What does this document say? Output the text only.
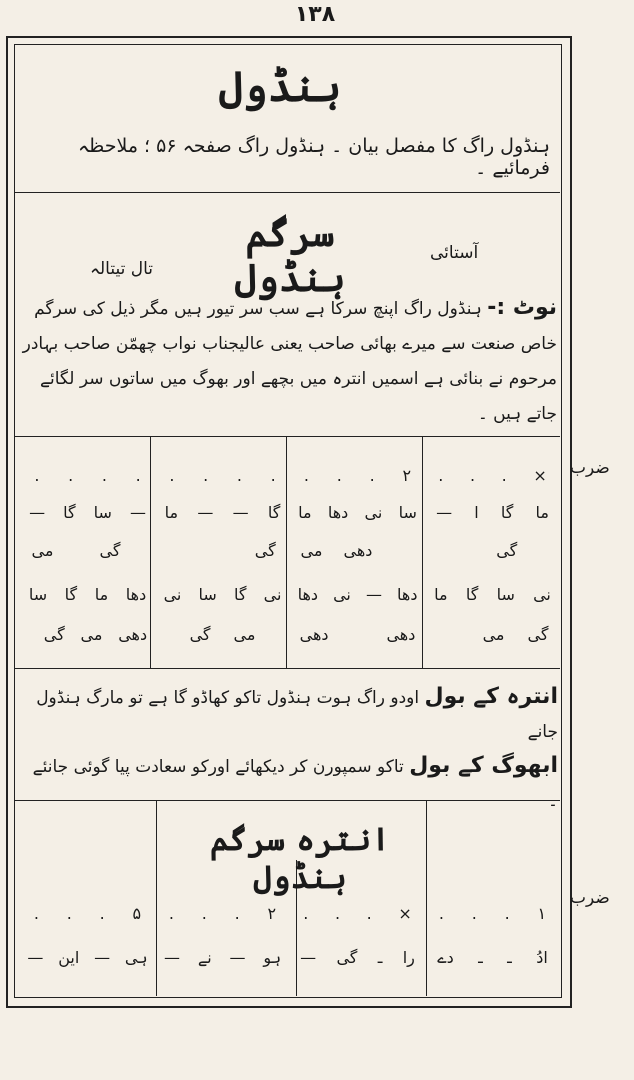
۱۳۸
ہنڈول
ہنڈول راگ کا مفصل بیان ۔ ہنڈول راگ صفحہ ۵۶ ؛ ملاحظہ فرمائیے ۔
سرگم ہنڈول
آستائی
تال تیتالہ
نوٹ :- ہنڈول راگ اپنچ سرکا ہے سب سر تیور ہیں مگر ذیل کی سرگم خاص صنعت سے میرے بھائی صاحب یعنی عالیجناب نواب چھمّن صاحب بہادر مرحوم نے بنائی ہے اسمیں انترہ میں بچھے اور بھوگ میں ساتوں سر لگائے جاتے ہیں ۔
ضرب
×
.
.
.
۲
.
.
.
.
.
.
.
.
.
.
.
ما
گا
ا
—
سا
نی
دھا
ما
گا
—
—
ما
—
سا
گا
—
گی
دھی
می
گی
گی
می
نی
سا
گا
ما
دھا
—
نی
دھا
نی
گا
سا
نی
دھا
ما
گا
سا
گی
می
دھی
دھی
می
گی
دھی
می
گی
انترہ کے بول اودو راگ ہوت ہنڈول تاکو کھاڈو گا ہے تو مارگ ہنڈول جانے
ابھوگ کے بول تاکو سمپورن کر دیکھائے اورکو سعادت پیا گوئی جانئے ۔
انترہ سرگم ہنڈول
ضرب
۱
.
.
.
×
.
.
.
۲
.
.
.
۵
.
.
.
ادُ
ـ
ـ
دے
را
ـ
گی
—
ہو
—
نے
—
ہی
—
این
—
